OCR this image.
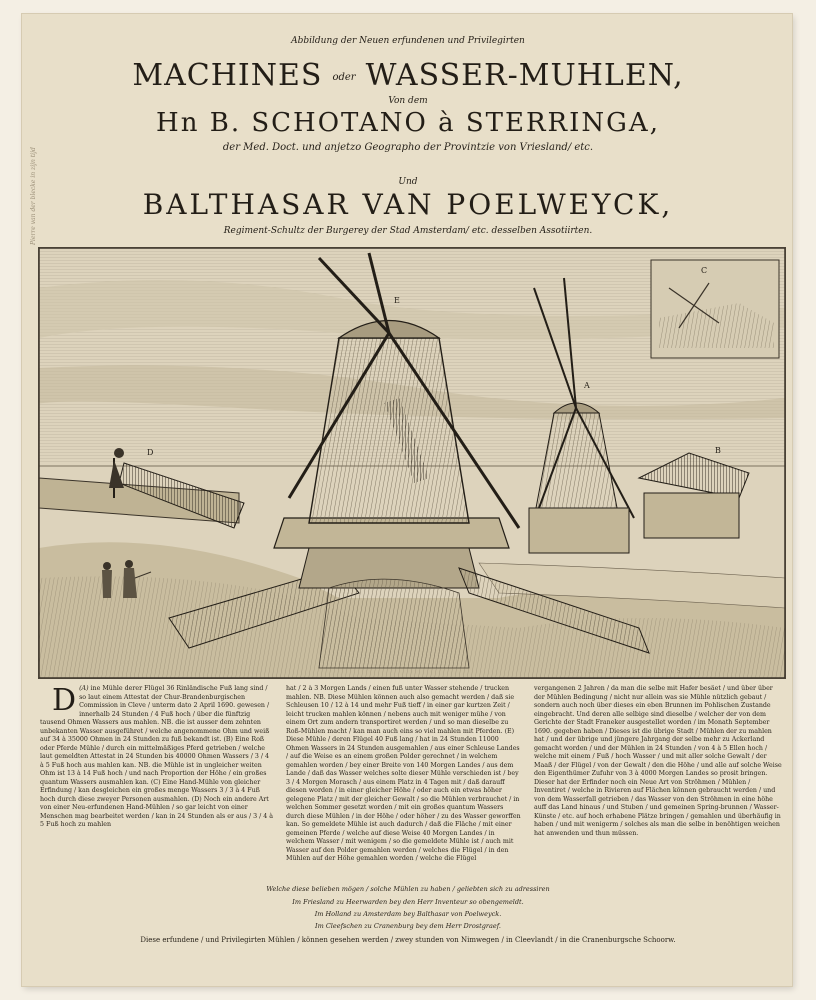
Pierre van der blecke in zijn tijd
Abbildung der Neuen erfundenen und Privilegirten
MACHINES oder WASSER-MUHLEN,
Von dem
Hn B. SCHOTANO à STERRINGA,
der Med. Doct. und anjetzo Geographo der Provintzie von Vriesland/ etc.
Und
BALTHASAR VAN POELWEYCK,
Regiment-Schultz der Burgerey der Stad Amsterdam/ etc. desselben Assotiirten.
C
D
E
A
B
(A)
D ine Mühle derer Flügel 36 Rinländische Fuß lang sind / so laut einem Attestat der Chur-Brandenburgischen Commission in Cleve / unterm dato 2 April 1690. gewesen / innerhalb 24 Stunden / 4 Fuß hoch / über die fünftzig tausend Ohmen Wassers aus mahlen. NB. die ist ausser dem zehnten unbekanten Wasser ausgeführet / welche angenommene Ohm und weiß auf 34 à 35000 Ohmen in 24 Stunden zu fuß bekandt ist. (B) Eine Roß oder Pferde Mühle / durch ein mittelmäßiges Pferd getrieben / welche laut gemeldten Attestat in 24 Stunden bis 40000 Ohmen Wassers / 3 / 4 à 5 Fuß hoch aus mahlen kan. NB. die Mühle ist in ungleicher weiten Ohm ist 13 à 14 Fuß hoch / und nach Proportion der Höhe / ein großes quantum Wassers ausmahlen kan. (C) Eine Hand-Mühle von gleicher Erfindung / kan desgleichen ein großes menge Wassers 3 / 3 à 4 Fuß hoch durch diese zweyer Personen ausmahlen. (D) Noch ein andere Art von einer Neu-erfundenen Hand-Mühlen / so gar leicht von einer Menschen mag bearbeitet werden / kan in 24 Stunden als er aus / 3 / 4 à 5 Fuß hoch zu mahlen
hat / 2 à 3 Morgen Lands / einen fuß unter Wasser stehende / trucken mahlen. NB. Diese Mühlen können auch also gemacht werden / daß sie Schleusen 10 / 12 à 14 und mehr Fuß tieff / in einer gar kurtzen Zeit / leicht trucken mahlen können / nebens auch mit weniger mühe / von einem Ort zum andern transportiret werden / und so man dieselbe zu Roß-Mühlen macht / kan man auch eins so viel mahlen mit Pferden. (E) Diese Mühle / deren Flügel 40 Fuß lang / hat in 24 Stunden 11000 Ohmen Wassers in 24 Stunden ausgemahlen / aus einer Schleuse Landes / auf die Weise es an einem großen Polder gerechnet / in welchem gemahlen worden / bey einer Breite von 140 Morgen Landes / aus dem Lande / daß das Wasser welches solte dieser Mühle verschieden ist / bey 3 / 4 Morgen Morasch / aus einem Platz in 4 Tagen mit / daß darauff diesen worden / in einer gleicher Höhe / oder auch ein etwas höher gelegene Platz / mit der gleicher Gewalt / so die Mühlen verbrauchet / in welchen Sommer gesetzt worden / mit ein großes quantum Wassers durch diese Mühlen / in der Höhe / oder höher / zu des Wasser geworffen kan. So gemeldete Mühle ist auch dadurch / daß die Fläche / mit einer gemeinen Pferde / welche auf diese Weise 40 Morgen Landes / in welchem Wasser / mit wenigem / so die gemeldete Mühle ist / auch mit Wasser auf den Polder gemahlen werden / welches die Flügel / in den Mühlen auf der Höhe gemahlen worden / welche die Flügel
vergangenen 2 Jahren / da man die selbe mit Hafer besäet / und über über der Mühlen Bedingung / nicht nur allein was sie Mühle nützlich gebaut / sondern auch noch über dieses ein eben Brunnen im Pohlischen Zustande eingebracht. Und deren alle selbige sind dieselbe / welcher der von dem Gerichte der Stadt Franeker ausgestellet worden / im Monath September 1690. gegeben haben / Dieses ist die übrige Stadt / Mühlen der zu mahlen hat / und der übrige und jüngere Jahrgang der selbe mehr zu Ackerland gemacht worden / und der Mühlen in 24 Stunden / von 4 à 5 Ellen hoch / welche mit einem / Fuß / hoch Wasser / und mit aller solche Gewalt / der Maaß / der Flügel / von der Gewalt / den die Höhe / und alle auf solche Weise den Eigenthümer Zufuhr von 3 à 4000 Morgen Landes so prosit bringen. Dieser hat der Erfinder noch ein Neue Art von Ströhmen / Mühlen / Inventiret / welche in Rivieren auf Flächen können gebraucht werden / und von dem Wasserfall getrieben / das Wasser von den Ströhmen in eine höhe auff das Land hinaus / und Stuben / und gemeinen Spring-brunnen / Wasser-Künste / etc. auf hoch erhabene Plätze bringen / gemahlen und überhäufig in haben / und mit wenigerm / solches als man die selbe in benöhtigen weichen hat anwenden und thun müssen.
Welche diese belieben mögen / solche Mühlen zu haben / geliebten sich zu adressiren
Im Friesland zu Heerwarden bey den Herr Inventeur so obengemeldt.
Im Holland zu Amsterdam bey Balthasar von Poelweyck.
Im Cleefschen zu Cranenburg bey dem Herr Drostgraef.
Diese erfundene / und Privilegirten Mühlen / können gesehen werden / zwey stunden von Nimwegen / in Cleevlandt / in die Cranenburgsche Schoorw.
